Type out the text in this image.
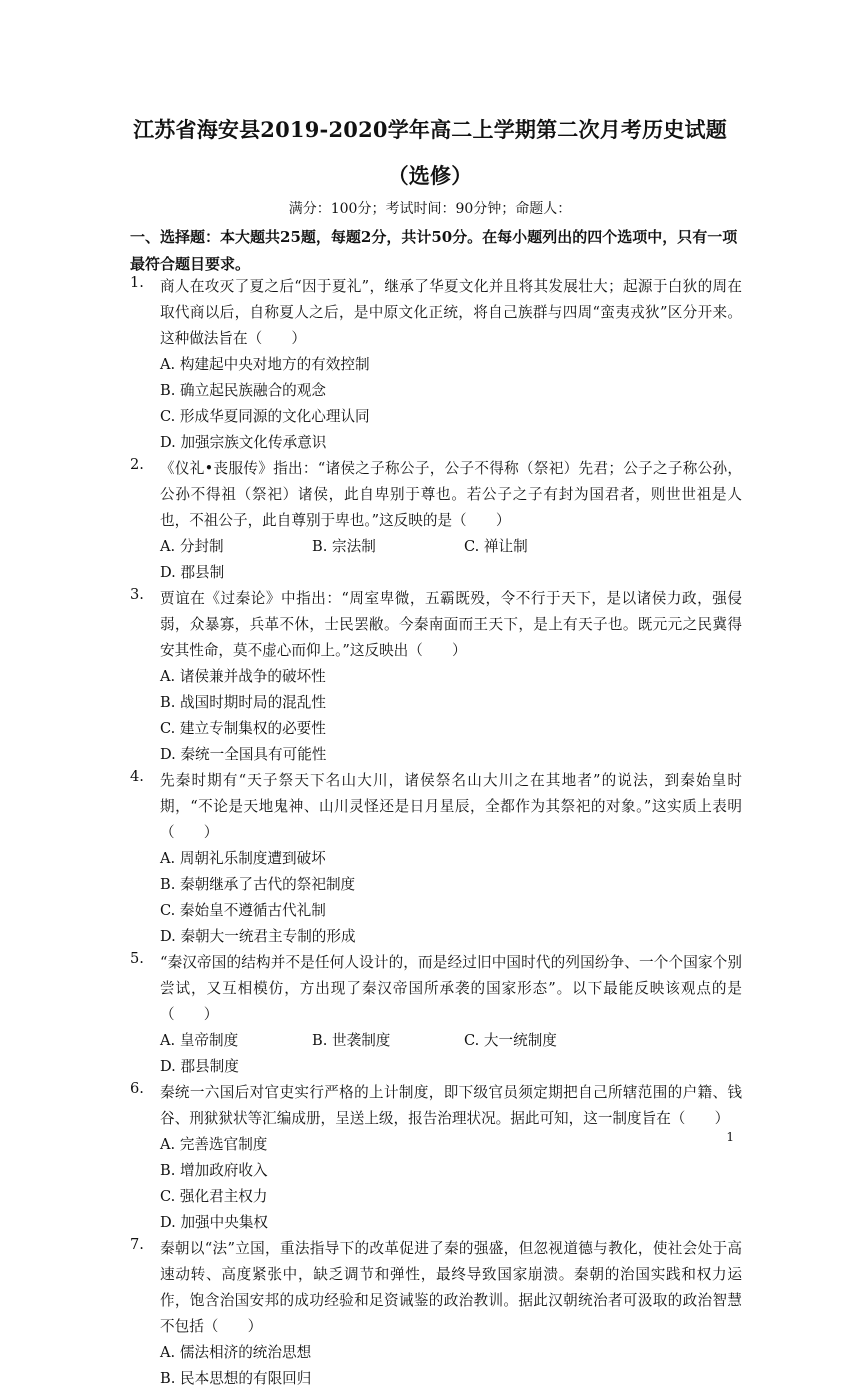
江苏省海安县2019-2020学年高二上学期第二次月考历史试题
（选修）
满分：100分；考试时间：90分钟；命题人：
一、选择题：本大题共25题，每题2分，共计50分。在每小题列出的四个选项中，只有一项最符合题目要求。
1. 商人在攻灭了夏之后“因于夏礼”，继承了华夏文化并且将其发展壮大；起源于白狄的周在取代商以后，自称夏人之后，是中原文化正统，将自己族群与四周“蛮夷戎狄”区分开来。这种做法旨在（　　）
A. 构建起中央对地方的有效控制
B. 确立起民族融合的观念
C. 形成华夏同源的文化心理认同
D. 加强宗族文化传承意识
2. 《仪礼•丧服传》指出：“诸侯之子称公子，公子不得称（祭祀）先君；公子之子称公孙，公孙不得祖（祭祀）诸侯，此自卑别于尊也。若公子之子有封为国君者，则世世祖是人也，不祖公子，此自尊别于卑也。”这反映的是（　　）
A. 分封制	B. 宗法制	C. 禅让制
D. 郡县制
3. 贾谊在《过秦论》中指出：“周室卑微，五霸既殁，令不行于天下，是以诸侯力政，强侵弱，众暴寡，兵革不休，士民罢敝。今秦南面而王天下，是上有天子也。既元元之民冀得安其性命，莫不虚心而仰上。”这反映出（　　）
A. 诸侯兼并战争的破坏性
B. 战国时期时局的混乱性
C. 建立专制集权的必要性
D. 秦统一全国具有可能性
4. 先秦时期有“天子祭天下名山大川，诸侯祭名山大川之在其地者”的说法，到秦始皇时期，“不论是天地鬼神、山川灵怪还是日月星辰，全都作为其祭祀的对象。”这实质上表明（　　）
A. 周朝礼乐制度遭到破坏
B. 秦朝继承了古代的祭祀制度
C. 秦始皇不遵循古代礼制
D. 秦朝大一统君主专制的形成
5. “秦汉帝国的结构并不是任何人设计的，而是经过旧中国时代的列国纷争、一个个国家个别尝试，又互相模仿，方出现了秦汉帝国所承袭的国家形态”。以下最能反映该观点的是（　　）
A. 皇帝制度	B. 世袭制度	C. 大一统制度
D. 郡县制度
6. 秦统一六国后对官吏实行严格的上计制度，即下级官员须定期把自己所辖范围的户籍、钱谷、刑狱狱状等汇编成册，呈送上级，报告治理状况。据此可知，这一制度旨在（　　）
A. 完善选官制度
B. 增加政府收入
C. 强化君主权力
D. 加强中央集权
7. 秦朝以“法”立国，重法指导下的改革促进了秦的强盛，但忽视道德与教化，使社会处于高速动转、高度紧张中，缺乏调节和弹性，最终导致国家崩溃。秦朝的治国实践和权力运作，饱含治国安邦的成功经验和足资诫鉴的政治教训。据此汉朝统治者可汲取的政治智慧不包括（　　）
A. 儒法相济的统治思想
B. 民本思想的有限回归
1
